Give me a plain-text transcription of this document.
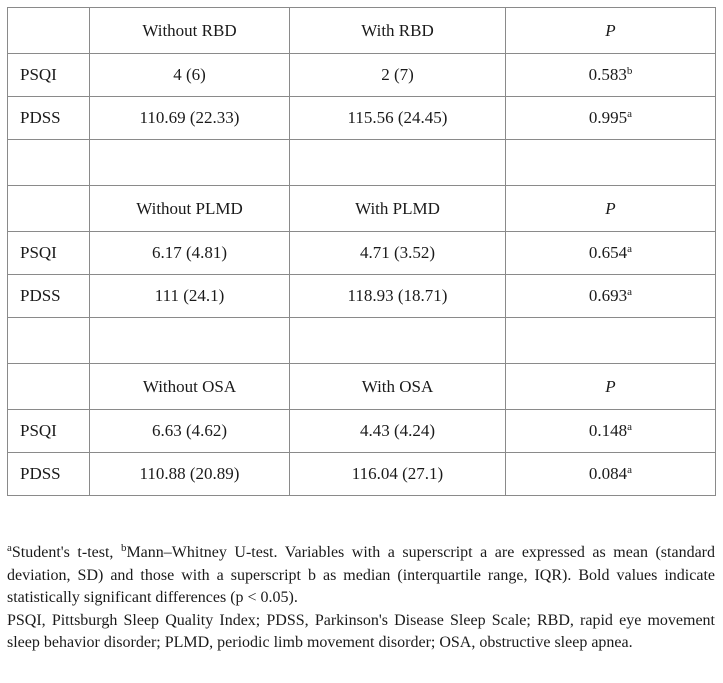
	Without RBD	With RBD	P
PSQI	4 (6)	2 (7)	0.583$^b$
PDSS	110.69 (22.33)	115.56 (24.45)	0.995$^a$

	Without PLMD	With PLMD	P
PSQI	6.17 (4.81)	4.71 (3.52)	0.654$^a$
PDSS	111 (24.1)	118.93 (18.71)	0.693$^a$

	Without OSA	With OSA	P
PSQI	6.63 (4.62)	4.43 (4.24)	0.148$^a$
PDSS	110.88 (20.89)	116.04 (27.1)	0.084$^a$

$^a$Student's t-test, $^b$Mann–Whitney U-test. Variables with a superscript a are expressed as mean (standard deviation, SD) and those with a superscript b as median (interquartile range, IQR). Bold values indicate statistically significant differences (p < 0.05).

PSQI, Pittsburgh Sleep Quality Index; PDSS, Parkinson's Disease Sleep Scale; RBD, rapid eye movement sleep behavior disorder; PLMD, periodic limb movement disorder; OSA, obstructive sleep apnea.
